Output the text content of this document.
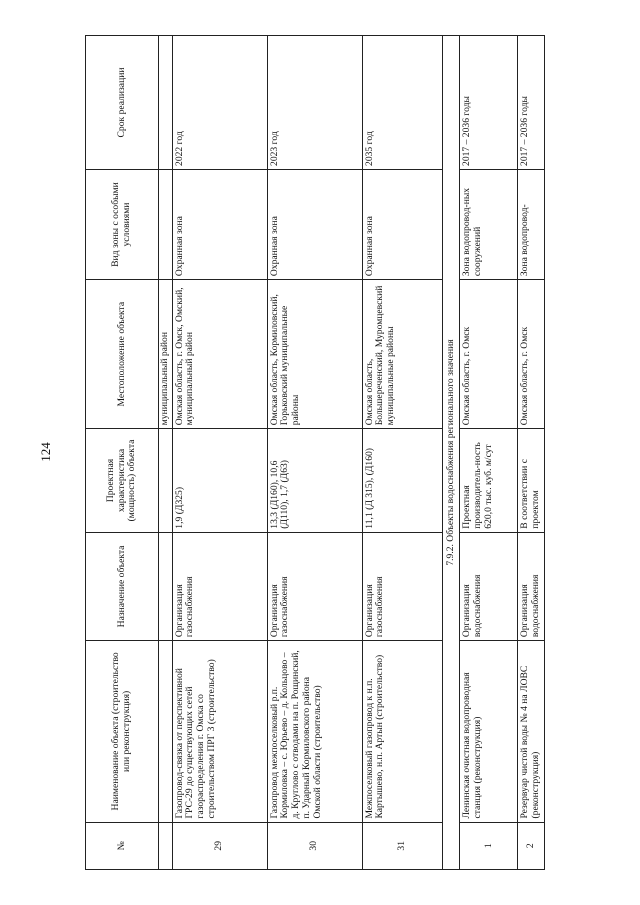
124
№	Наименование объекта (строительство или реконструкция)	Назначение объекта	Проектная характеристика (мощность) объекта	Местоположение объекта	Вид зоны с особыми условиями	Срок реализации
				муниципальный район		
29	Газопровод-связка от перспективной ГРС-29 до существующих сетей газораспределения г. Омска со строительством ПРГ 3 (строительство)	Организация газоснабжения	1,9 (Д325)	Омская область, г. Омск, Омский, муниципальный район	Охранная зона	2022 год
30	Газопровод межпоселковый р.п. Кормиловка – с. Юрьево – д. Кольцово – д. Круглово с отводами на п. Рощинский, п. Ударный Кормиловского района Омской области (строительство)	Организация газоснабжения	13,3 (Д160), 10,6 (Д110), 1,7 (Д63)	Омская область, Кормиловский, Горьковский муниципальные районы	Охранная зона	2023 год
31	Межпоселковый газопровод к н.п. Картышево, н.п. Артын (строительство)	Организация газоснабжения	11,1 (Д 315), (Д160)	Омская область, Большереченский, Муромцевский муниципальные районы	Охранная зона	2035 год
7.9.2. Объекты водоснабжения регионального значения						
1	Ленинская очистная водопроводная станция (реконструкция)	Организация водоснабжения	Проектная производитель-ность 620,0 тыс. куб. м/сут	Омская область, г. Омск	Зона водопровод-ных сооружений	2017 – 2036 годы
2	Резервуар чистой воды № 4 на ЛОВС (реконструкция)	Организация водоснабжения	В соответствии с проектом	Омская область, г. Омск	Зона водопровод-	2017 – 2036 годы
